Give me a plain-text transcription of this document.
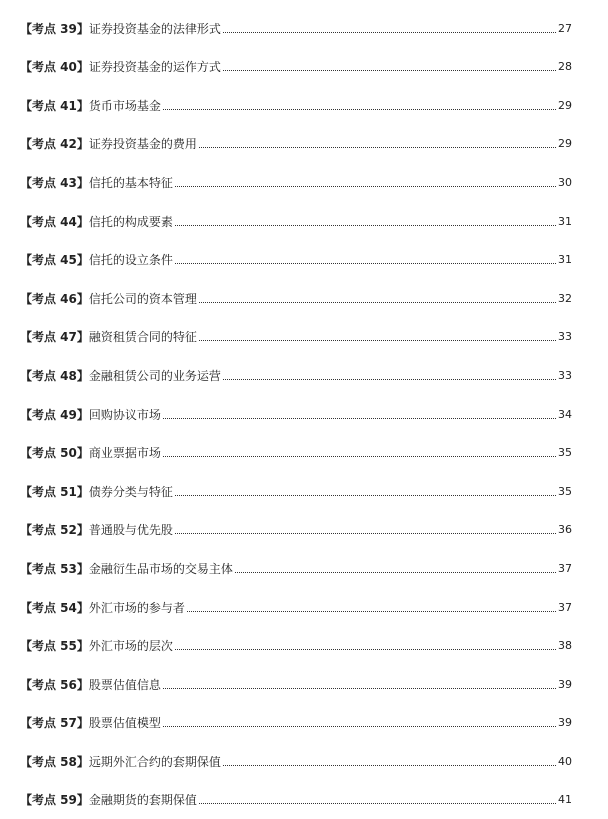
【考点 39】证券投资基金的法律形式	27
【考点 40】证券投资基金的运作方式	28
【考点 41】货币市场基金	29
【考点 42】证券投资基金的费用	29
【考点 43】信托的基本特征	30
【考点 44】信托的构成要素	31
【考点 45】信托的设立条件	31
【考点 46】信托公司的资本管理	32
【考点 47】融资租赁合同的特征	33
【考点 48】金融租赁公司的业务运营	33
【考点 49】回购协议市场	34
【考点 50】商业票据市场	35
【考点 51】债券分类与特征	35
【考点 52】普通股与优先股	36
【考点 53】金融衍生品市场的交易主体	37
【考点 54】外汇市场的参与者	37
【考点 55】外汇市场的层次	38
【考点 56】股票估值信息	39
【考点 57】股票估值模型	39
【考点 58】远期外汇合约的套期保值	40
【考点 59】金融期货的套期保值	41
